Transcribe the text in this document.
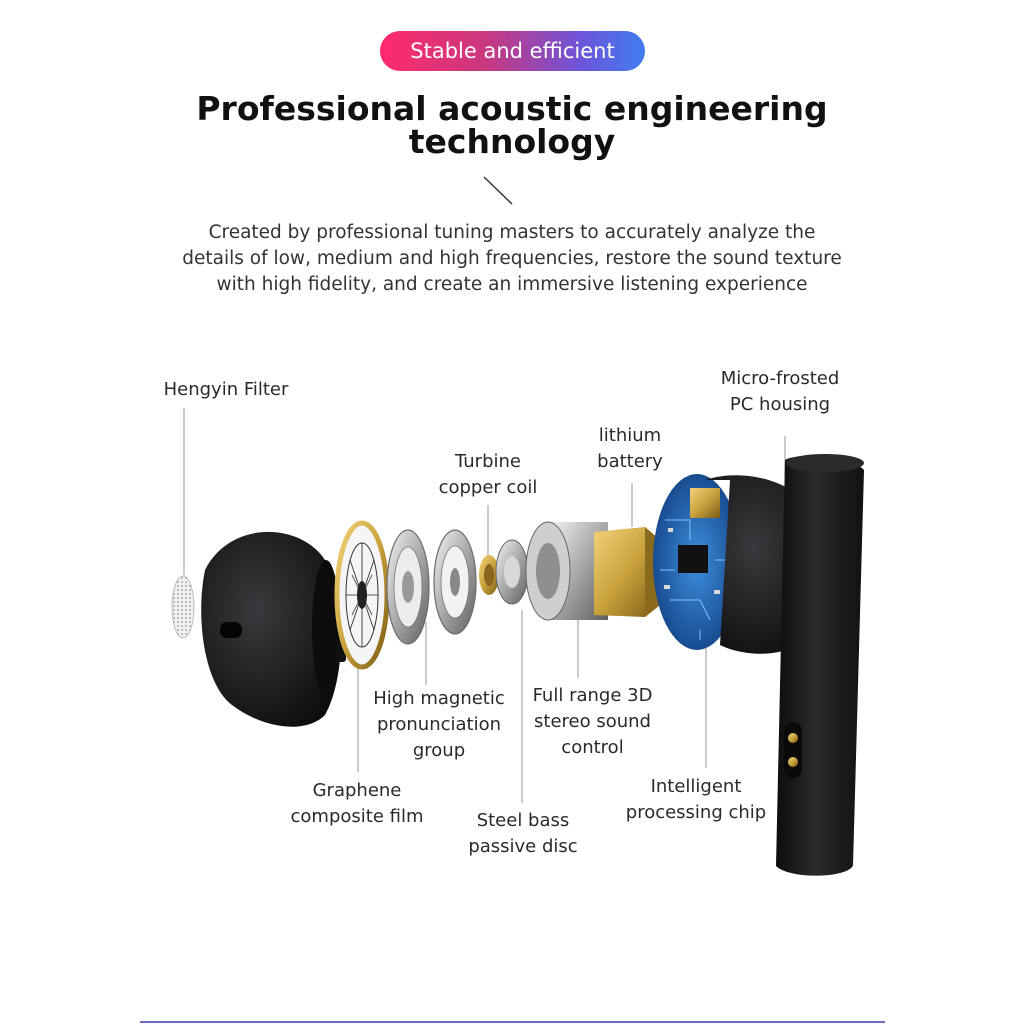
Stable and efficient
Professional acoustic engineering
technology
Created by professional tuning masters to accurately analyze the
details of low, medium and high frequencies, restore the sound texture
with high fidelity, and create an immersive listening experience
Hengyin Filter
Micro-frosted
PC housing
lithium
battery
Turbine
copper coil
High magnetic
pronunciation
group
Full range 3D
stereo sound
control
Graphene
composite film	Steel bass
passive disc
Intelligent
processing chip
